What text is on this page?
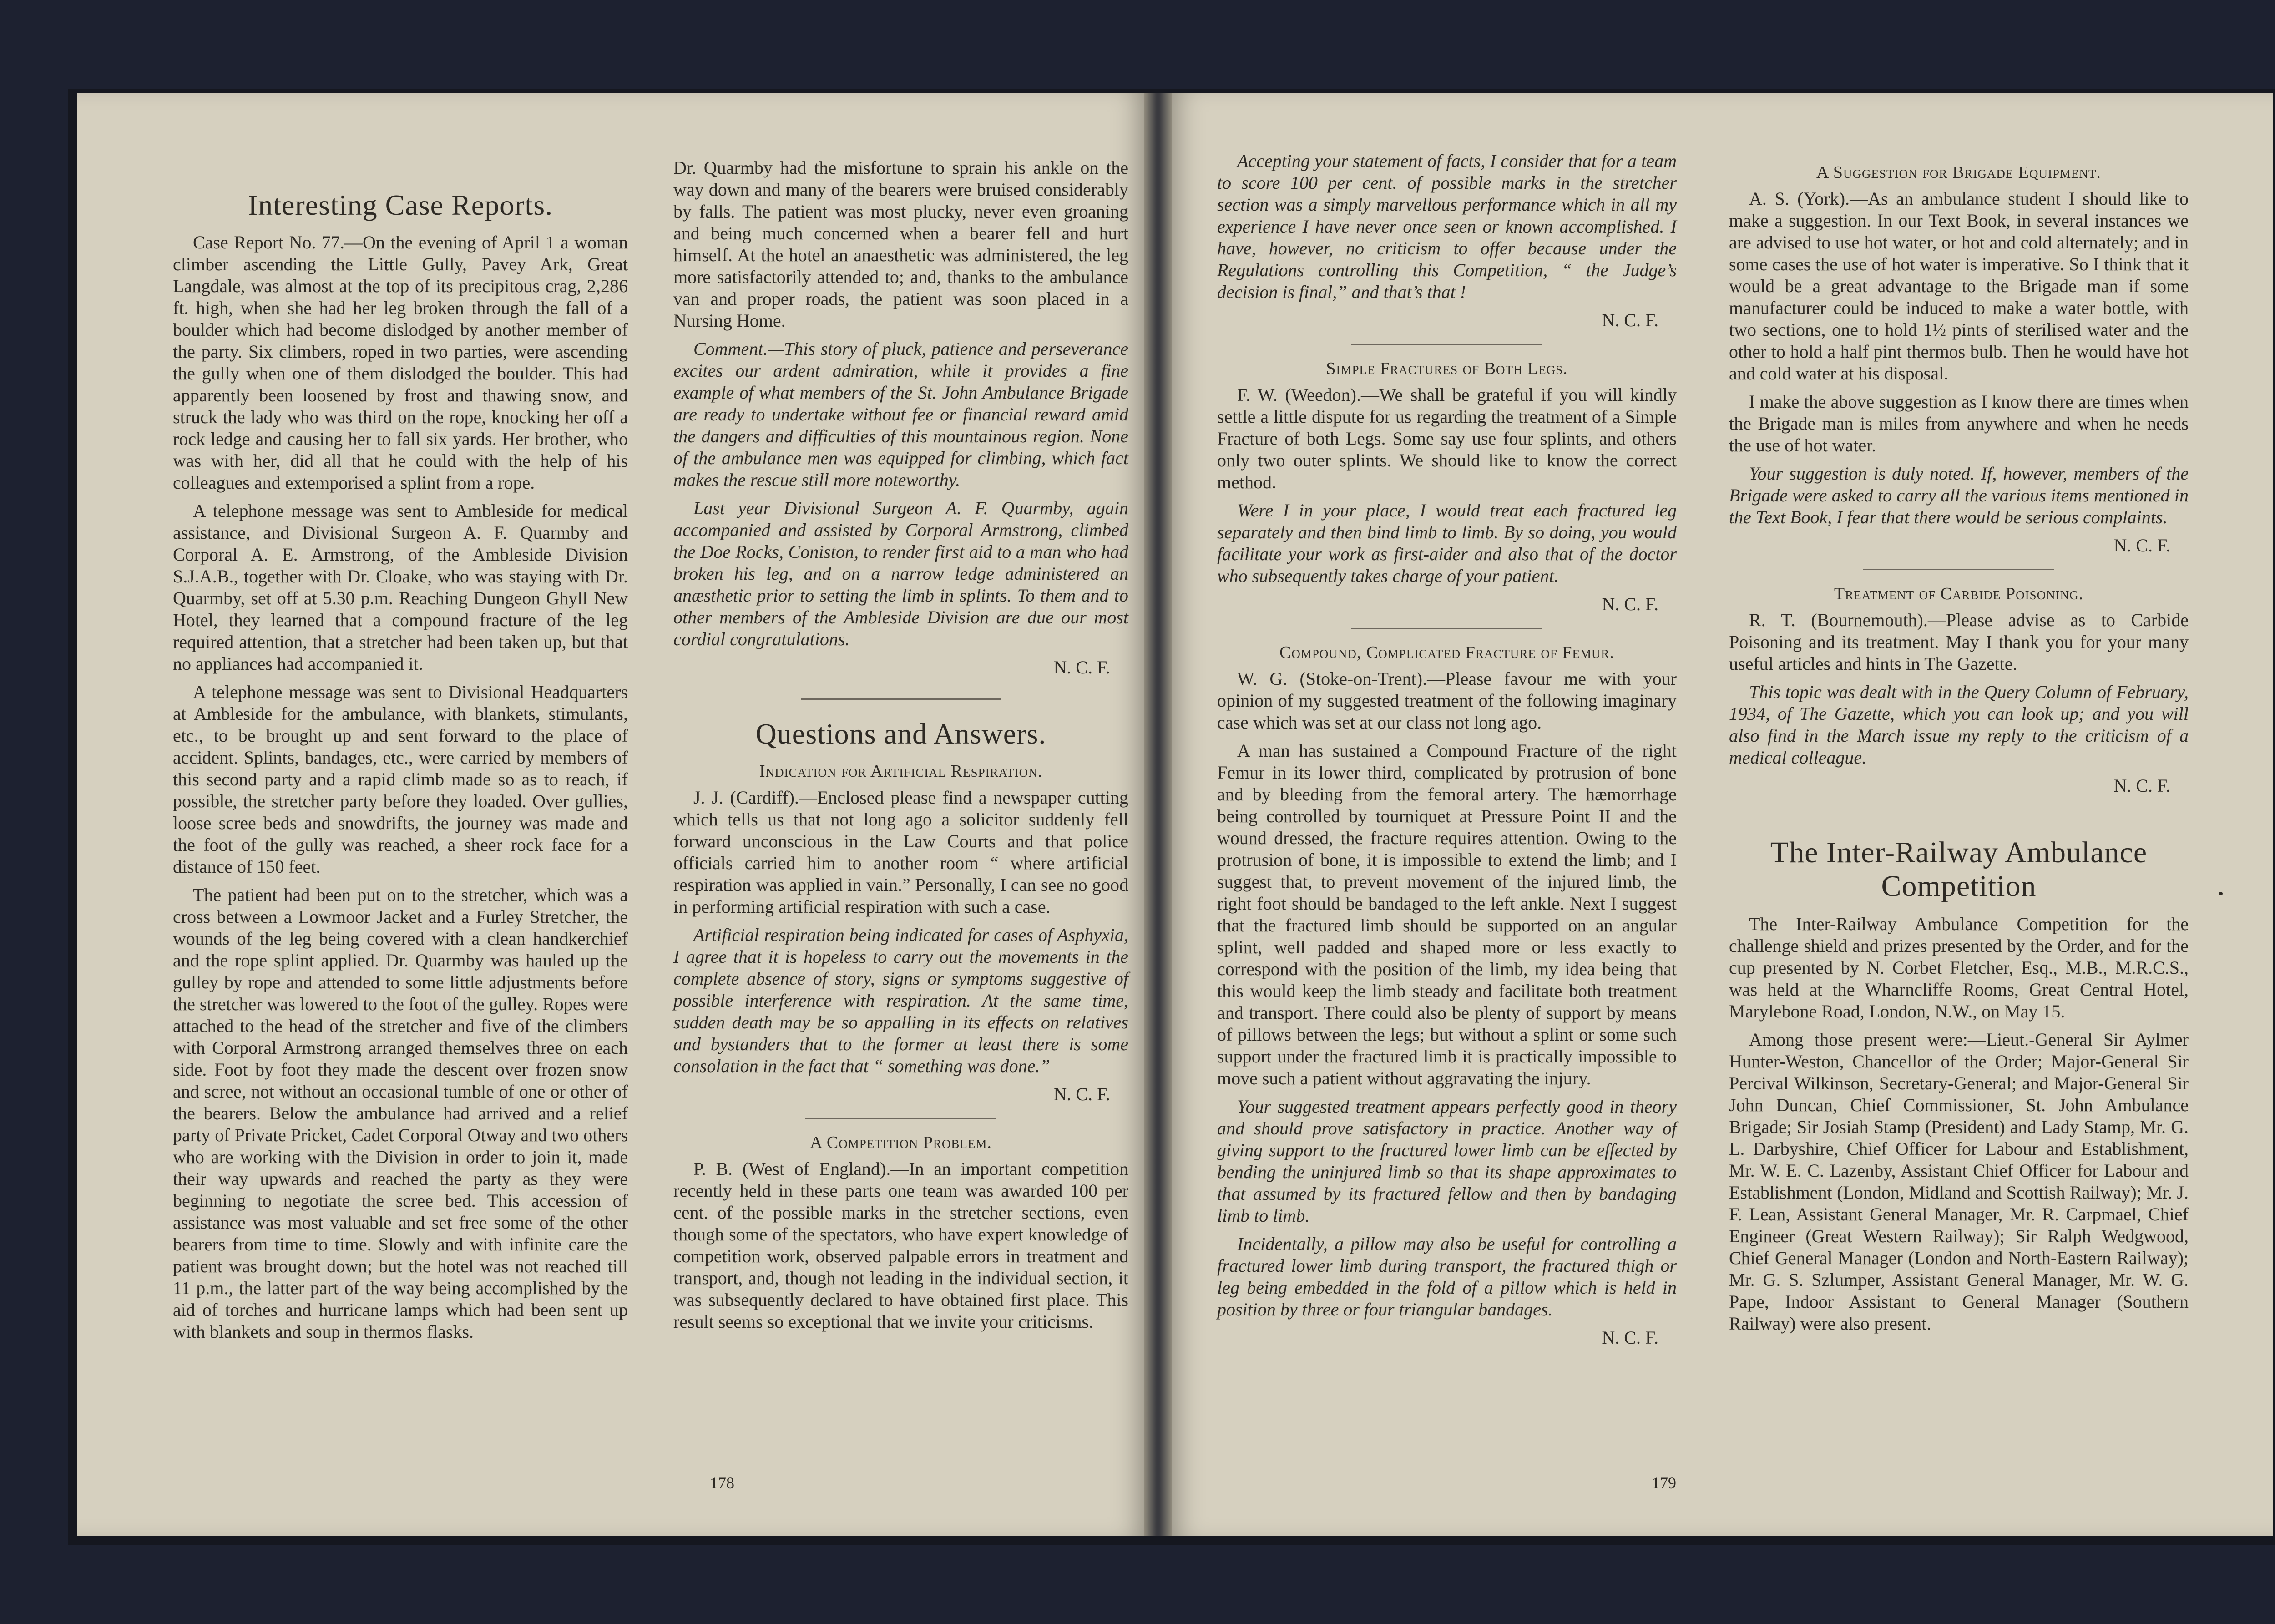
Interesting Case Reports.

Case Report No. 77.—On the evening of April 1 a woman climber ascending the Little Gully, Pavey Ark, Great Langdale, was almost at the top of its precipitous crag, 2,286 ft. high, when she had her leg broken through the fall of a boulder which had become dislodged by another member of the party. Six climbers, roped in two parties, were ascending the gully when one of them dislodged the boulder. This had apparently been loosened by frost and thawing snow, and struck the lady who was third on the rope, knocking her off a rock ledge and causing her to fall six yards. Her brother, who was with her, did all that he could with the help of his colleagues and extemporised a splint from a rope.

A telephone message was sent to Ambleside for medical assistance, and Divisional Surgeon A. F. Quarmby and Corporal A. E. Armstrong, of the Ambleside Division S.J.A.B., together with Dr. Cloake, who was staying with Dr. Quarmby, set off at 5.30 p.m. Reaching Dungeon Ghyll New Hotel, they learned that a compound fracture of the leg required attention, that a stretcher had been taken up, but that no appliances had accompanied it.

A telephone message was sent to Divisional Headquarters at Ambleside for the ambulance, with blankets, stimulants, etc., to be brought up and sent forward to the place of accident. Splints, bandages, etc., were carried by members of this second party and a rapid climb made so as to reach, if possible, the stretcher party before they loaded. Over gullies, loose scree beds and snowdrifts, the journey was made and the foot of the gully was reached, a sheer rock face for a distance of 150 feet.

The patient had been put on to the stretcher, which was a cross between a Lowmoor Jacket and a Furley Stretcher, the wounds of the leg being covered with a clean handkerchief and the rope splint applied. Dr. Quarmby was hauled up the gulley by rope and attended to some little adjustments before the stretcher was lowered to the foot of the gulley. Ropes were attached to the head of the stretcher and five of the climbers with Corporal Armstrong arranged themselves three on each side. Foot by foot they made the descent over frozen snow and scree, not without an occasional tumble of one or other of the bearers. Below the ambulance had arrived and a relief party of Private Pricket, Cadet Corporal Otway and two others who are working with the Division in order to join it, made their way upwards and reached the party as they were beginning to negotiate the scree bed. This accession of assistance was most valuable and set free some of the other bearers from time to time. Slowly and with infinite care the patient was brought down; but the hotel was not reached till 11 p.m., the latter part of the way being accomplished by the aid of torches and hurricane lamps which had been sent up with blankets and soup in thermos flasks.

Dr. Quarmby had the misfortune to sprain his ankle on the way down and many of the bearers were bruised considerably by falls. The patient was most plucky, never even groaning and being much concerned when a bearer fell and hurt himself. At the hotel an anaesthetic was administered, the leg more satisfactorily attended to; and, thanks to the ambulance van and proper roads, the patient was soon placed in a Nursing Home.

Comment.—This story of pluck, patience and perseverance excites our ardent admiration, while it provides a fine example of what members of the St. John Ambulance Brigade are ready to undertake without fee or financial reward amid the dangers and difficulties of this mountainous region. None of the ambulance men was equipped for climbing, which fact makes the rescue still more noteworthy.

Last year Divisional Surgeon A. F. Quarmby, again accompanied and assisted by Corporal Armstrong, climbed the Doe Rocks, Coniston, to render first aid to a man who had broken his leg, and on a narrow ledge administered an anæsthetic prior to setting the limb in splints. To them and to other members of the Ambleside Division are due our most cordial congratulations.

N. C. F.

Questions and Answers.
Indication for Artificial Respiration.

J. J. (Cardiff).—Enclosed please find a newspaper cutting which tells us that not long ago a solicitor suddenly fell forward unconscious in the Law Courts and that police officials carried him to another room “ where artificial respiration was applied in vain.” Personally, I can see no good in performing artificial respiration with such a case.

Artificial respiration being indicated for cases of Asphyxia, I agree that it is hopeless to carry out the movements in the complete absence of story, signs or symptoms suggestive of possible interference with respiration. At the same time, sudden death may be so appalling in its effects on relatives and bystanders that to the former at least there is some consolation in the fact that “ something was done.”

N. C. F.

A Competition Problem.

P. B. (West of England).—In an important competition recently held in these parts one team was awarded 100 per cent. of the possible marks in the stretcher sections, even though some of the spectators, who have expert knowledge of competition work, observed palpable errors in treatment and transport, and, though not leading in the individual section, it was subsequently declared to have obtained first place. This result seems so exceptional that we invite your criticisms.

178

Accepting your statement of facts, I consider that for a team to score 100 per cent. of possible marks in the stretcher section was a simply marvellous performance which in all my experience I have never once seen or known accomplished. I have, however, no criticism to offer because under the Regulations controlling this Competition, “ the Judge’s decision is final,” and that’s that !

N. C. F.

Simple Fractures of Both Legs.

F. W. (Weedon).—We shall be grateful if you will kindly settle a little dispute for us regarding the treatment of a Simple Fracture of both Legs. Some say use four splints, and others only two outer splints. We should like to know the correct method.

Were I in your place, I would treat each fractured leg separately and then bind limb to limb. By so doing, you would facilitate your work as first-aider and also that of the doctor who subsequently takes charge of your patient.

N. C. F.

Compound, Complicated Fracture of Femur.

W. G. (Stoke-on-Trent).—Please favour me with your opinion of my suggested treatment of the following imaginary case which was set at our class not long ago.

A man has sustained a Compound Fracture of the right Femur in its lower third, complicated by protrusion of bone and by bleeding from the femoral artery. The hæmorrhage being controlled by tourniquet at Pressure Point II and the wound dressed, the fracture requires attention. Owing to the protrusion of bone, it is impossible to extend the limb; and I suggest that, to prevent movement of the injured limb, the right foot should be bandaged to the left ankle. Next I suggest that the fractured limb should be supported on an angular splint, well padded and shaped more or less exactly to correspond with the position of the limb, my idea being that this would keep the limb steady and facilitate both treatment and transport. There could also be plenty of support by means of pillows between the legs; but without a splint or some such support under the fractured limb it is practically impossible to move such a patient without aggravating the injury.

Your suggested treatment appears perfectly good in theory and should prove satisfactory in practice. Another way of giving support to the fractured lower limb can be effected by bending the uninjured limb so that its shape approximates to that assumed by its fractured fellow and then by bandaging limb to limb.

Incidentally, a pillow may also be useful for controlling a fractured lower limb during transport, the fractured thigh or leg being embedded in the fold of a pillow which is held in position by three or four triangular bandages.

N. C. F.

A Suggestion for Brigade Equipment.

A. S. (York).—As an ambulance student I should like to make a suggestion. In our Text Book, in several instances we are advised to use hot water, or hot and cold alternately; and in some cases the use of hot water is imperative. So I think that it would be a great advantage to the Brigade man if some manufacturer could be induced to make a water bottle, with two sections, one to hold 1½ pints of sterilised water and the other to hold a half pint thermos bulb. Then he would have hot and cold water at his disposal.

I make the above suggestion as I know there are times when the Brigade man is miles from anywhere and when he needs the use of hot water.

Your suggestion is duly noted. If, however, members of the Brigade were asked to carry all the various items mentioned in the Text Book, I fear that there would be serious complaints.

N. C. F.

Treatment of Carbide Poisoning.

R. T. (Bournemouth).—Please advise as to Carbide Poisoning and its treatment. May I thank you for your many useful articles and hints in The Gazette.

This topic was dealt with in the Query Column of February, 1934, of The Gazette, which you can look up; and you will also find in the March issue my reply to the criticism of a medical colleague.

N. C. F.

The Inter-Railway Ambulance Competition

The Inter-Railway Ambulance Competition for the challenge shield and prizes presented by the Order, and for the cup presented by N. Corbet Fletcher, Esq., M.B., M.R.C.S., was held at the Wharncliffe Rooms, Great Central Hotel, Marylebone Road, London, N.W., on May 15.

Among those present were:—Lieut.-General Sir Aylmer Hunter-Weston, Chancellor of the Order; Major-General Sir Percival Wilkinson, Secretary-General; and Major-General Sir John Duncan, Chief Commissioner, St. John Ambulance Brigade; Sir Josiah Stamp (President) and Lady Stamp, Mr. G. L. Darbyshire, Chief Officer for Labour and Establishment, Mr. W. E. C. Lazenby, Assistant Chief Officer for Labour and Establishment (London, Midland and Scottish Railway); Mr. J. F. Lean, Assistant General Manager, Mr. R. Carpmael, Chief Engineer (Great Western Railway); Sir Ralph Wedgwood, Chief General Manager (London and North-Eastern Railway); Mr. G. S. Szlumper, Assistant General Manager, Mr. W. G. Pape, Indoor Assistant to General Manager (Southern Railway) were also present.

179
